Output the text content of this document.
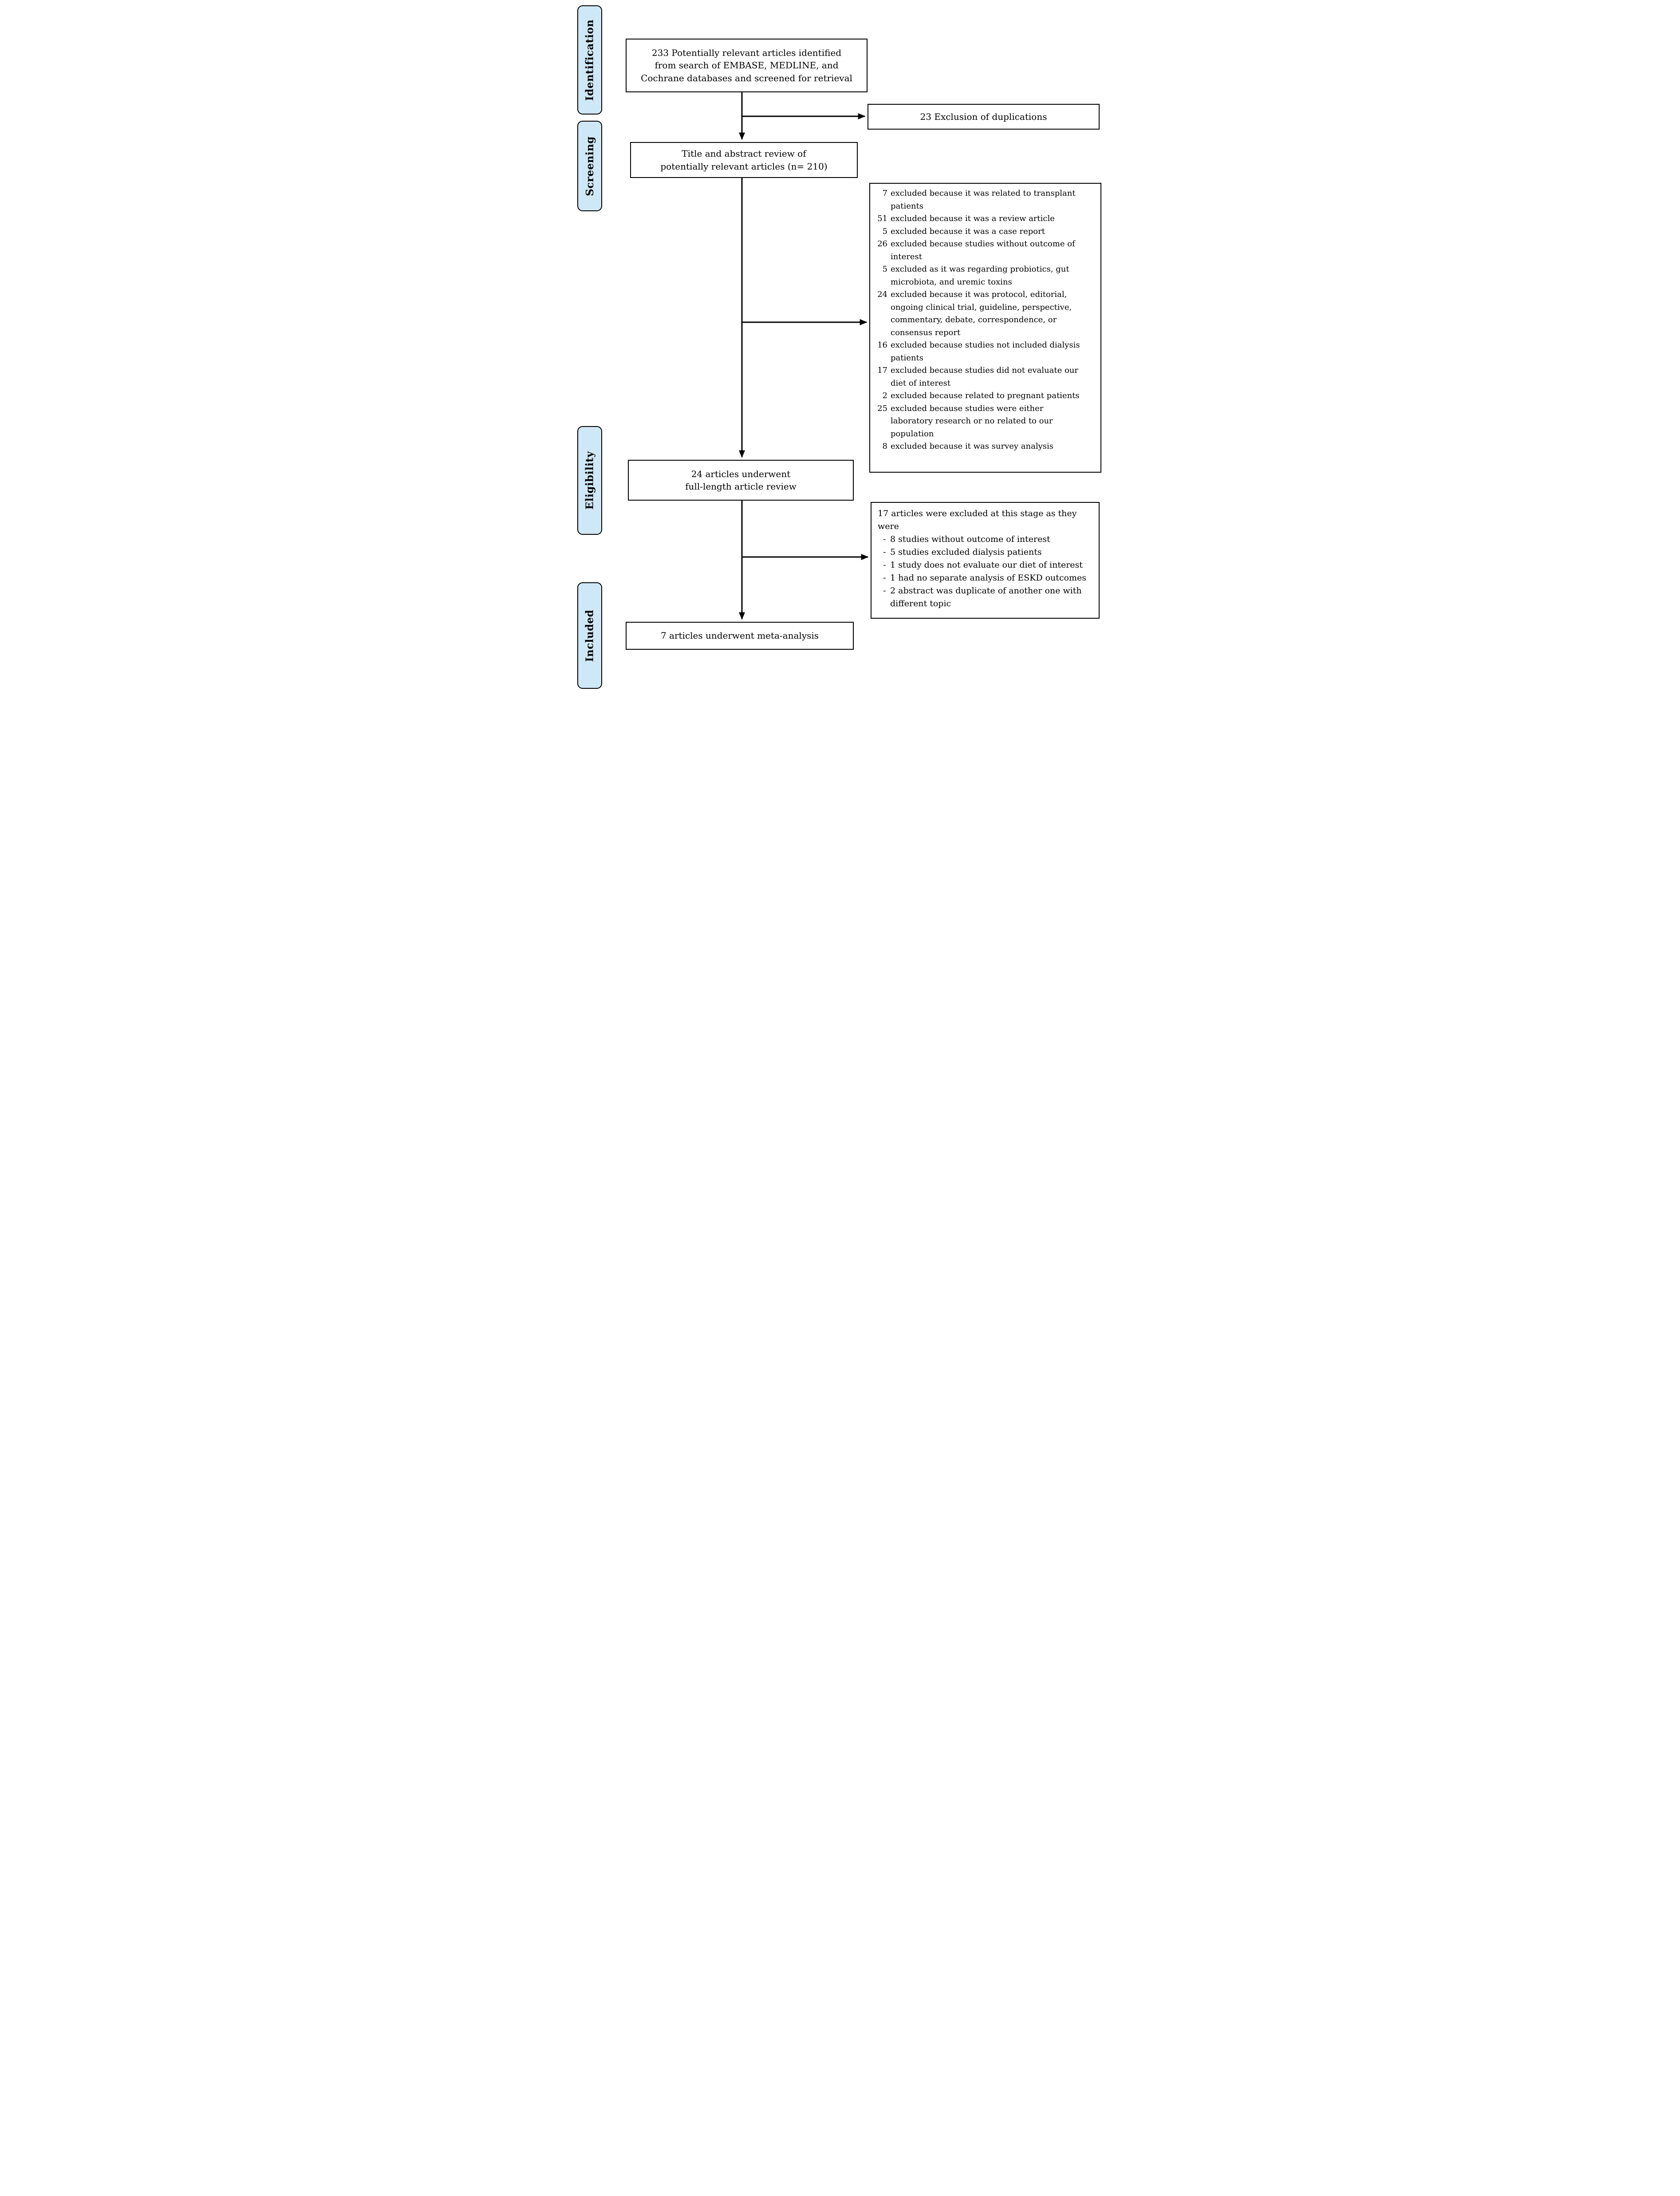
Identification
Screening
Eligibility
Included
233 Potentially relevant articles identified
from search of EMBASE, MEDLINE, and
Cochrane databases and screened for retrieval
23 Exclusion of duplications
Title and abstract review of
potentially relevant articles (n= 210)
7 excluded because it was related to transplant patients
51 excluded because it was a review article
5 excluded because it was a case report
26 excluded because studies without outcome of interest
5 excluded as it was regarding probiotics, gut microbiota, and uremic toxins
24 excluded because it was protocol, editorial, ongoing clinical trial, guideline, perspective, commentary, debate, correspondence, or consensus report
16 excluded because studies not included dialysis patients
17 excluded because studies did not evaluate our diet of interest
2 excluded because related to pregnant patients
25 excluded because studies were either laboratory research or no related to our population
8 excluded because it was survey analysis
24 articles underwent
full-length article review
17 articles were excluded at this stage as they were
- 8 studies without outcome of interest
- 5 studies excluded dialysis patients
- 1 study does not evaluate our diet of interest
- 1 had no separate analysis of ESKD outcomes
- 2 abstract was duplicate of another one with different topic
7 articles underwent meta-analysis
